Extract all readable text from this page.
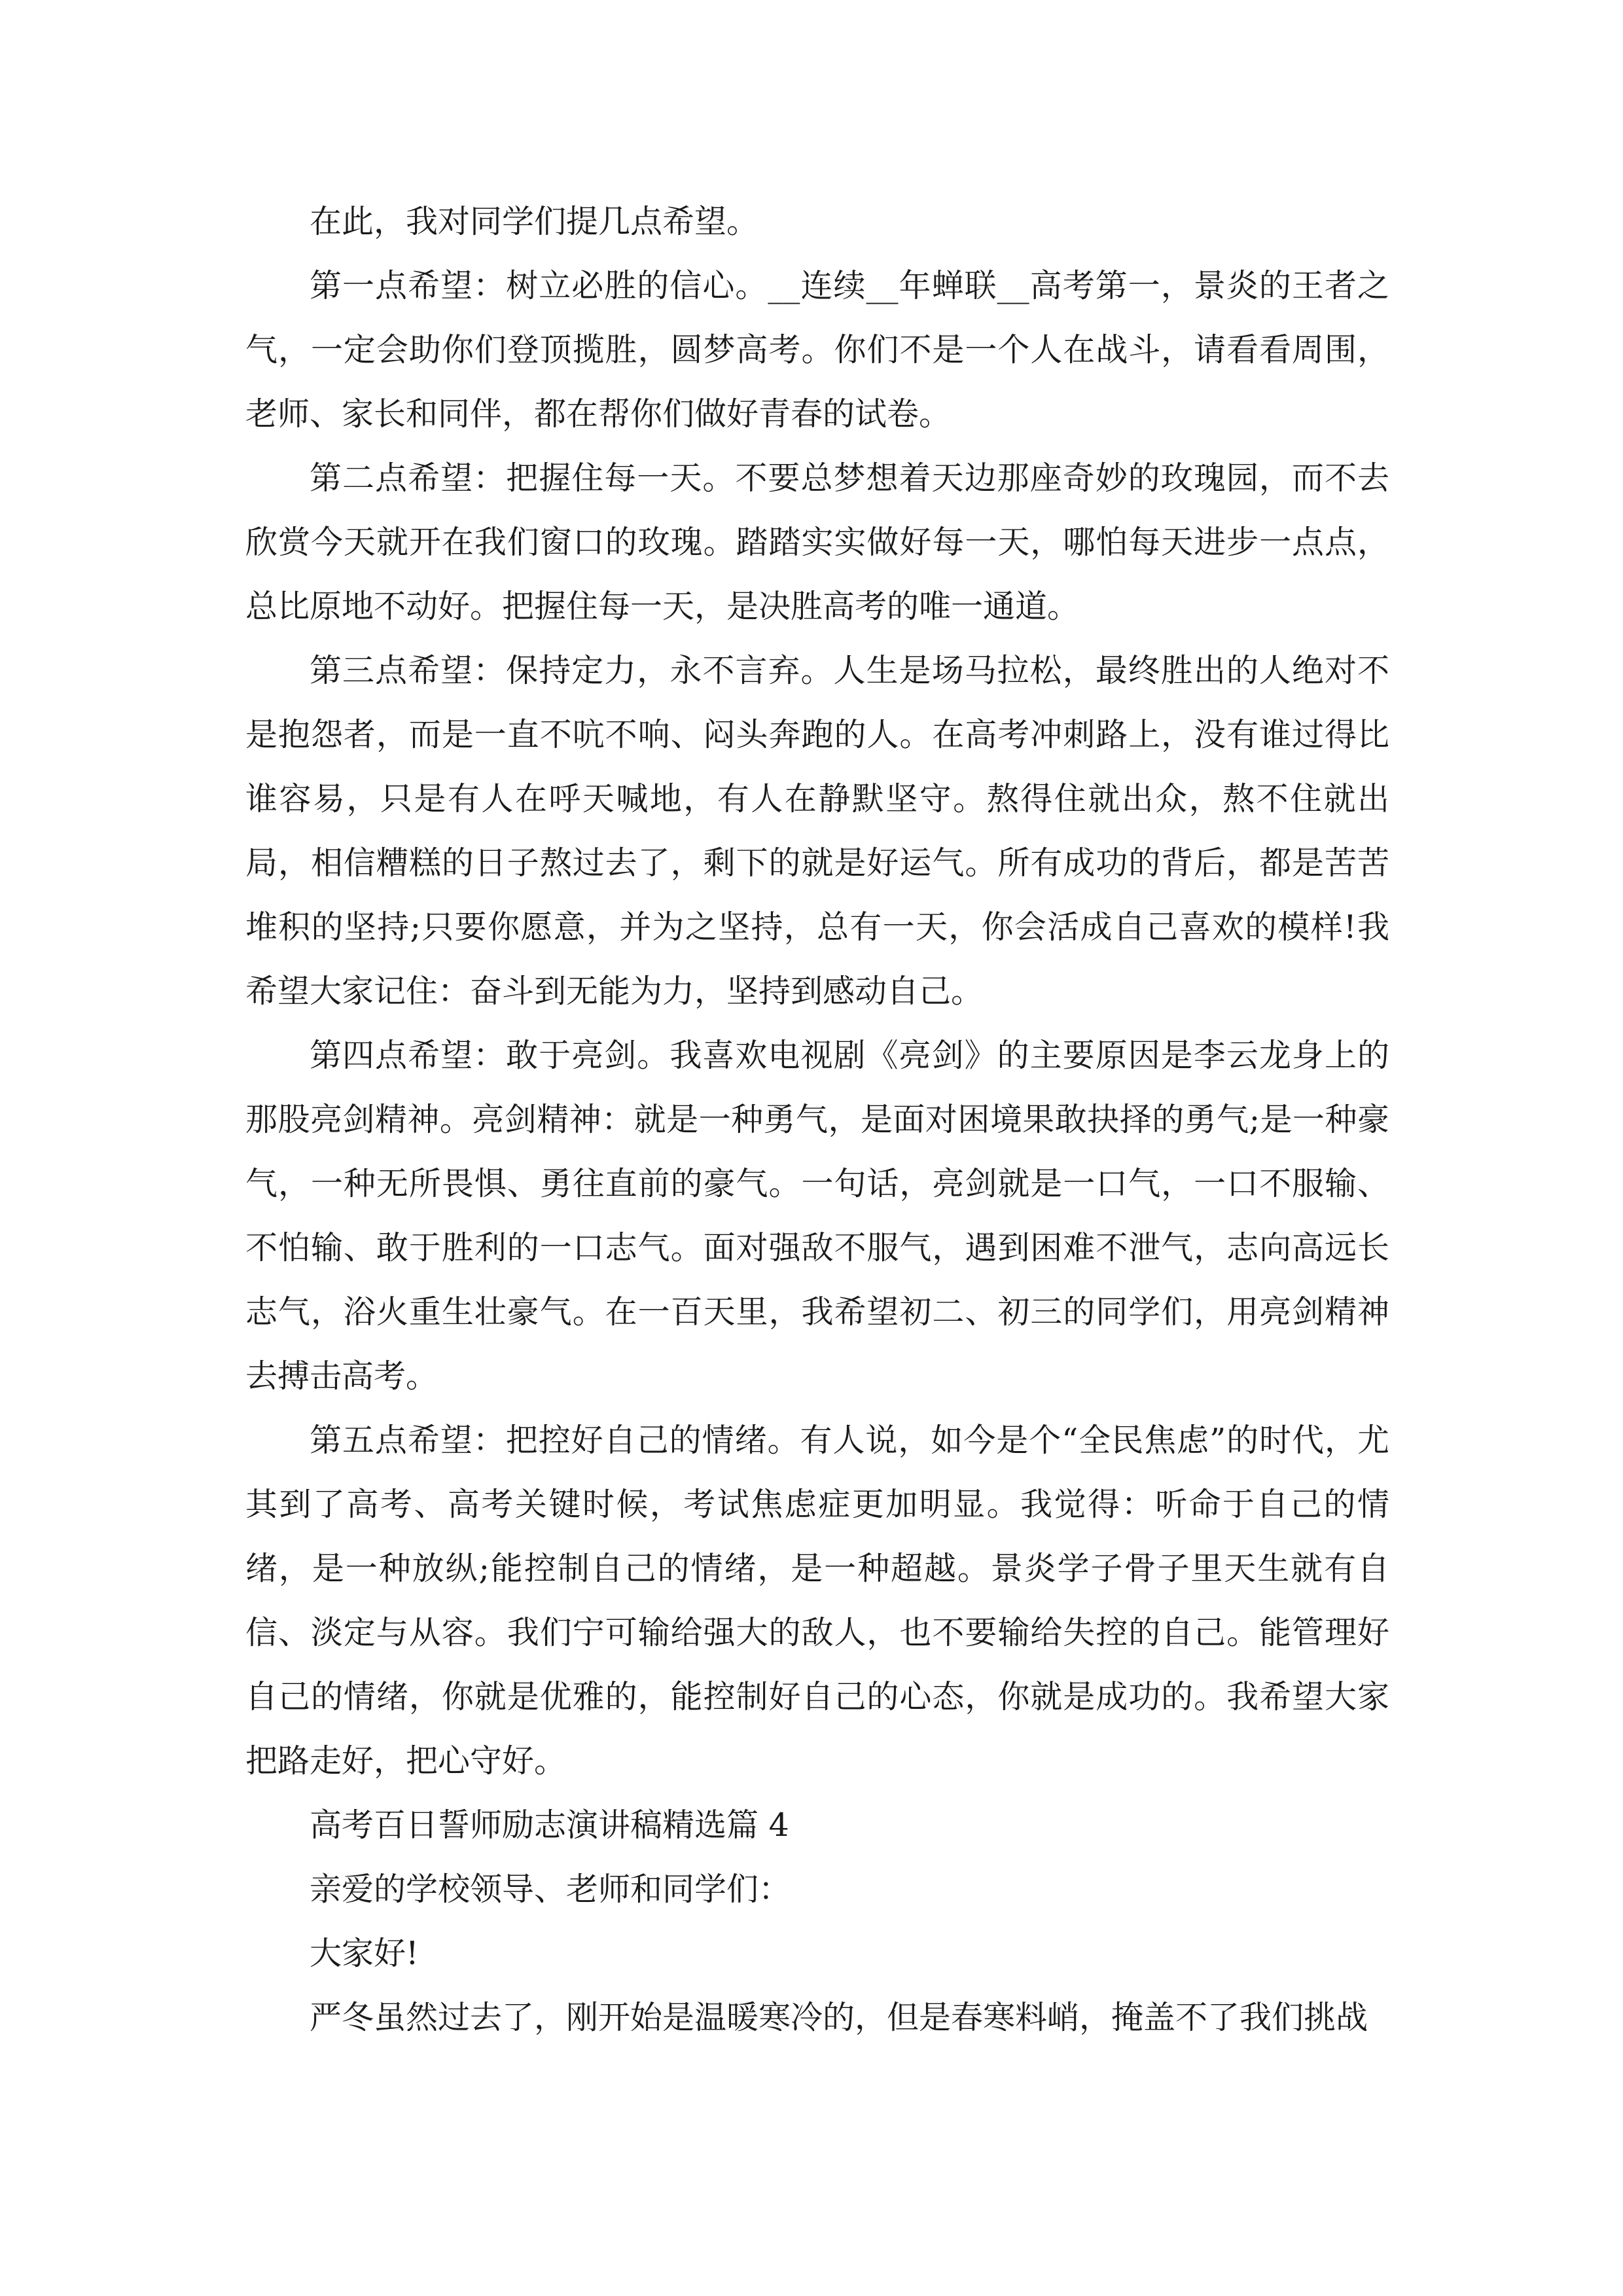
在此，我对同学们提几点希望。

第一点希望：树立必胜的信心。__连续__年蝉联__高考第一，景炎的王者之气，一定会助你们登顶揽胜，圆梦高考。你们不是一个人在战斗，请看看周围，老师、家长和同伴，都在帮你们做好青春的试卷。

第二点希望：把握住每一天。不要总梦想着天边那座奇妙的玫瑰园，而不去欣赏今天就开在我们窗口的玫瑰。踏踏实实做好每一天，哪怕每天进步一点点，总比原地不动好。把握住每一天，是决胜高考的唯一通道。

第三点希望：保持定力，永不言弃。人生是场马拉松，最终胜出的人绝对不是抱怨者，而是一直不吭不响、闷头奔跑的人。在高考冲刺路上，没有谁过得比谁容易，只是有人在呼天喊地，有人在静默坚守。熬得住就出众，熬不住就出局，相信糟糕的日子熬过去了，剩下的就是好运气。所有成功的背后，都是苦苦堆积的坚持;只要你愿意，并为之坚持，总有一天，你会活成自己喜欢的模样!我希望大家记住：奋斗到无能为力，坚持到感动自己。

第四点希望：敢于亮剑。我喜欢电视剧《亮剑》的主要原因是李云龙身上的那股亮剑精神。亮剑精神：就是一种勇气，是面对困境果敢抉择的勇气;是一种豪气，一种无所畏惧、勇往直前的豪气。一句话，亮剑就是一口气，一口不服输、不怕输、敢于胜利的一口志气。面对强敌不服气，遇到困难不泄气，志向高远长志气，浴火重生壮豪气。在一百天里，我希望初二、初三的同学们，用亮剑精神去搏击高考。

第五点希望：把控好自己的情绪。有人说，如今是个“全民焦虑”的时代，尤其到了高考、高考关键时候，考试焦虑症更加明显。我觉得：听命于自己的情绪，是一种放纵;能控制自己的情绪，是一种超越。景炎学子骨子里天生就有自信、淡定与从容。我们宁可输给强大的敌人，也不要输给失控的自己。能管理好自己的情绪，你就是优雅的，能控制好自己的心态，你就是成功的。我希望大家把路走好，把心守好。

高考百日誓师励志演讲稿精选篇 4

亲爱的学校领导、老师和同学们：

大家好!

严冬虽然过去了，刚开始是温暖寒冷的，但是春寒料峭，掩盖不了我们挑战
